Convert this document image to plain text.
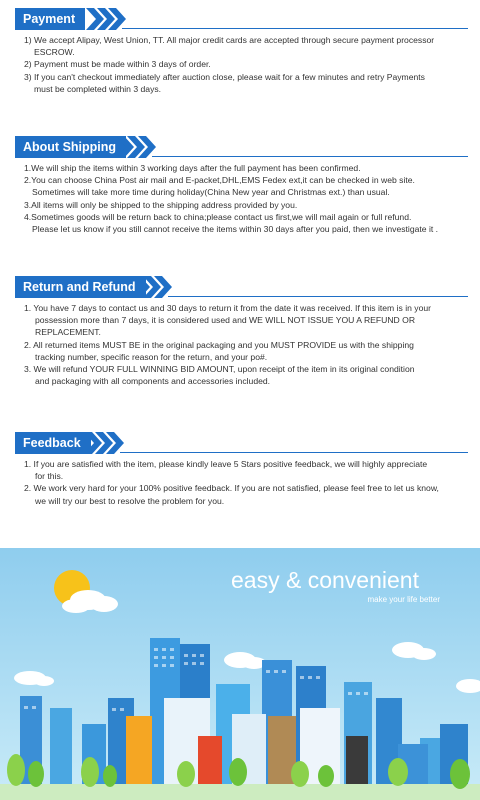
Payment
1) We accept Alipay, West Union, TT. All major credit cards are accepted through secure payment processor
ESCROW.
2) Payment must be made within 3 days of order.
3) If you can't checkout immediately after auction close, please wait for a few minutes and retry Payments
must be completed within 3 days.
About Shipping
1.We will ship the items within 3 working days after the full payment has been confirmed.
2.You can choose China Post air mail and E-packet,DHL,EMS Fedex ext,it can be checked in web site.
Sometimes will take more time during holiday(China New year and Christmas ext.) than usual.
3.All items will only be shipped to the shipping address provided by you.
4.Sometimes goods will be return back to china;please contact us first,we will mail again or full refund.
Please let us know if you still cannot receive the items within 30 days after you paid, then we investigate it .
Return and Refund
1. You have 7 days to contact us and 30 days to return it from the date it was received. If this item is in your
possession more than 7 days, it is considered used and WE WILL NOT ISSUE YOU A REFUND OR
REPLACEMENT.
2. All returned items MUST BE in the original packaging and you MUST PROVIDE us with the shipping
tracking number, specific reason for the return, and your po#.
3. We will refund YOUR FULL WINNING BID AMOUNT, upon receipt of the item in its original condition
and packaging with all components and accessories included.
Feedback
1. If you are satisfied with the item, please kindly leave 5 Stars positive feedback, we will highly appreciate
for this.
2. We work very hard for your 100% positive feedback. If you are not satisfied, please feel free to let us know,
we will try our best to resolve the problem for you.
easy & convenient
make your life better
